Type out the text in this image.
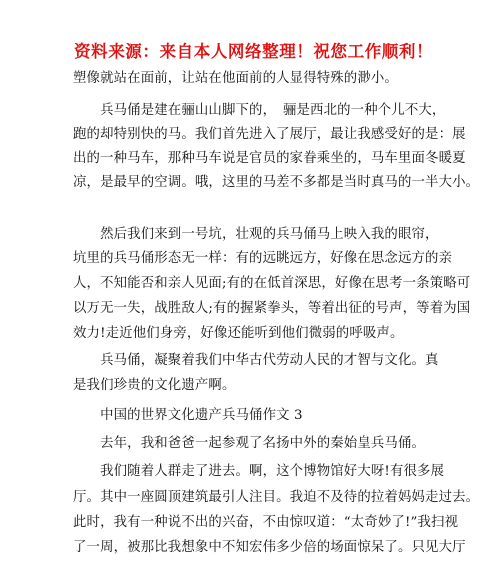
资料来源：来自本人网络整理！祝您工作顺利！
塑像就站在面前，让站在他面前的人显得特殊的渺小。
　　兵马俑是建在骊山山脚下的，　骊是西北的一种个儿不大，
跑的却特别快的马。我们首先进入了展厅，最让我感受好的是：展
出的一种马车，那种马车说是官员的家眷乘坐的，马车里面冬暖夏
凉，是最早的空调。哦，这里的马差不多都是当时真马的一半大小。
　　然后我们来到一号坑，壮观的兵马俑马上映入我的眼帘，
坑里的兵马俑形态无一样：有的远眺远方，好像在思念远方的亲
人，不知能否和亲人见面;有的在低首深思，好像在思考一条策略可
以万无一失，战胜敌人;有的握紧拳头，等着出征的号声，等着为国
效力!走近他们身旁，好像还能听到他们微弱的呼吸声。
　　兵马俑，凝聚着我们中华古代劳动人民的才智与文化。真
是我们珍贵的文化遗产啊。
　　中国的世界文化遗产兵马俑作文 3
　　去年，我和爸爸一起参观了名扬中外的秦始皇兵马俑。
　　我们随着人群走了进去。啊，这个博物馆好大呀!有很多展
厅。其中一座圆顶建筑最引人注目。我迫不及待的拉着妈妈走过去。
此时，我有一种说不出的兴奋，不由惊叹道：“太奇妙了!”我扫视
了一周，被那比我想象中不知宏伟多少倍的场面惊呆了。只见大厅
